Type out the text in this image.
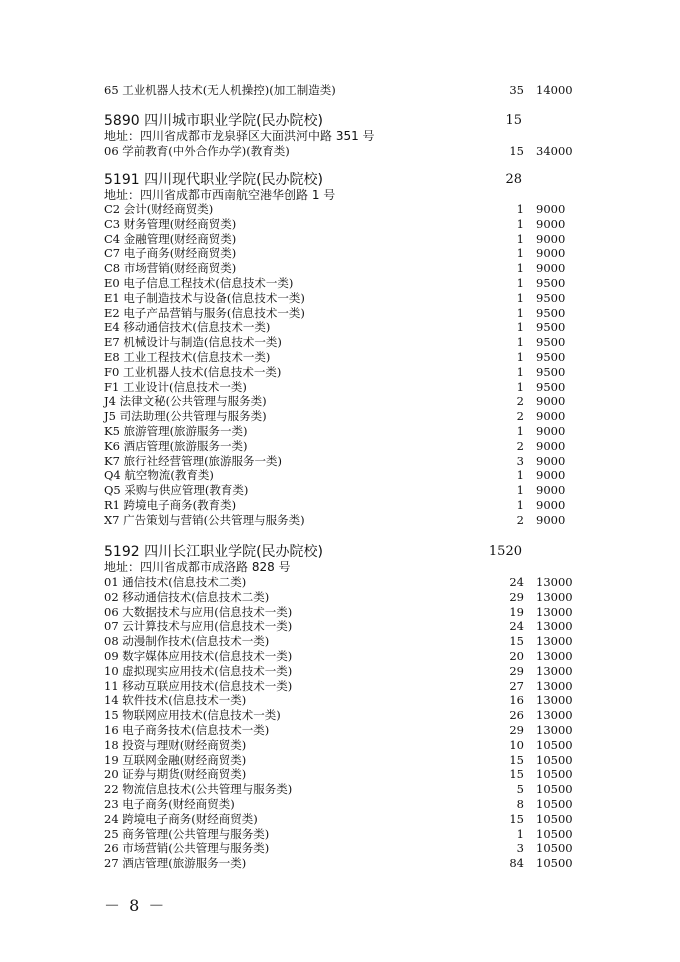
65 工业机器人技术(无人机操控)(加工制造类)	35 14000
5890 四川城市职业学院(民办院校)	15
地址：四川省成都市龙泉驿区大面洪河中路 351 号
06 学前教育(中外合作办学)(教育类)	15 34000
5191 四川现代职业学院(民办院校)	28
地址：四川省成都市西南航空港华创路 1 号
C2 会计(财经商贸类)	1 9000
C3 财务管理(财经商贸类)	1 9000
C4 金融管理(财经商贸类)	1 9000
C7 电子商务(财经商贸类)	1 9000
C8 市场营销(财经商贸类)	1 9000
E0 电子信息工程技术(信息技术一类)	1 9500
E1 电子制造技术与设备(信息技术一类)	1 9500
E2 电子产品营销与服务(信息技术一类)	1 9500
E4 移动通信技术(信息技术一类)	1 9500
E7 机械设计与制造(信息技术一类)	1 9500
E8 工业工程技术(信息技术一类)	1 9500
F0 工业机器人技术(信息技术一类)	1 9500
F1 工业设计(信息技术一类)	1 9500
J4 法律文秘(公共管理与服务类)	2 9000
J5 司法助理(公共管理与服务类)	2 9000
K5 旅游管理(旅游服务一类)	1 9000
K6 酒店管理(旅游服务一类)	2 9000
K7 旅行社经营管理(旅游服务一类)	3 9000
Q4 航空物流(教育类)	1 9000
Q5 采购与供应管理(教育类)	1 9000
R1 跨境电子商务(教育类)	1 9000
X7 广告策划与营销(公共管理与服务类)	2 9000
5192 四川长江职业学院(民办院校)	1520
地址：四川省成都市成洛路 828 号
01 通信技术(信息技术二类)	24 13000
02 移动通信技术(信息技术二类)	29 13000
06 大数据技术与应用(信息技术一类)	19 13000
07 云计算技术与应用(信息技术一类)	24 13000
08 动漫制作技术(信息技术一类)	15 13000
09 数字媒体应用技术(信息技术一类)	20 13000
10 虚拟现实应用技术(信息技术一类)	29 13000
11 移动互联应用技术(信息技术一类)	27 13000
14 软件技术(信息技术一类)	16 13000
15 物联网应用技术(信息技术一类)	26 13000
16 电子商务技术(信息技术一类)	29 13000
18 投资与理财(财经商贸类)	10 10500
19 互联网金融(财经商贸类)	15 10500
20 证券与期货(财经商贸类)	15 10500
22 物流信息技术(公共管理与服务类)	5 10500
23 电子商务(财经商贸类)	8 10500
24 跨境电子商务(财经商贸类)	15 10500
25 商务管理(公共管理与服务类)	1 10500
26 市场营销(公共管理与服务类)	3 10500
27 酒店管理(旅游服务一类)	84 10500
－ 8 －
